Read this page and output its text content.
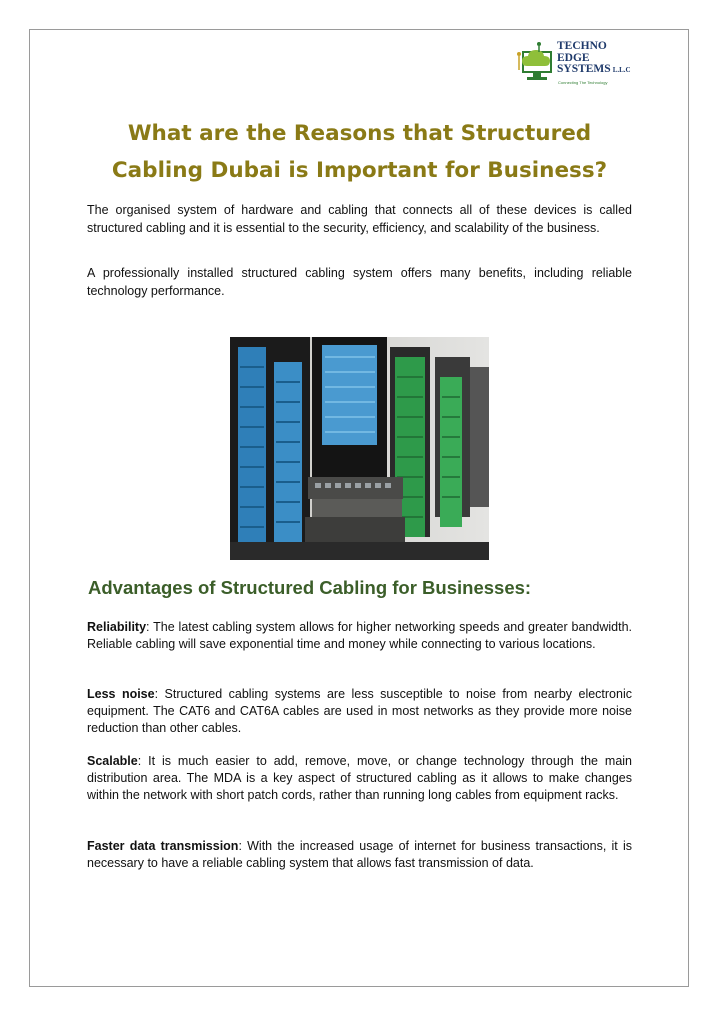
TECHNO
EDGE
SYSTEMS L.L.C
Connecting The Technology
What are the Reasons that Structured
Cabling Dubai is Important for Business?

The organised system of hardware and cabling that connects all of these devices is called structured cabling and it is essential to the security, efficiency, and scalability of the business.

A professionally installed structured cabling system offers many benefits, including reliable technology performance.

Advantages of Structured Cabling for Businesses:

Reliability: The latest cabling system allows for higher networking speeds and greater bandwidth. Reliable cabling will save exponential time and money while connecting to various locations.

Less noise: Structured cabling systems are less susceptible to noise from nearby electronic equipment. The CAT6 and CAT6A cables are used in most networks as they provide more noise reduction than other cables.

Scalable: It is much easier to add, remove, move, or change technology through the main distribution area. The MDA is a key aspect of structured cabling as it allows to make changes within the network with short patch cords, rather than running long cables from equipment racks.

Faster data transmission: With the increased usage of internet for business transactions, it is necessary to have a reliable cabling system that allows fast transmission of data.
